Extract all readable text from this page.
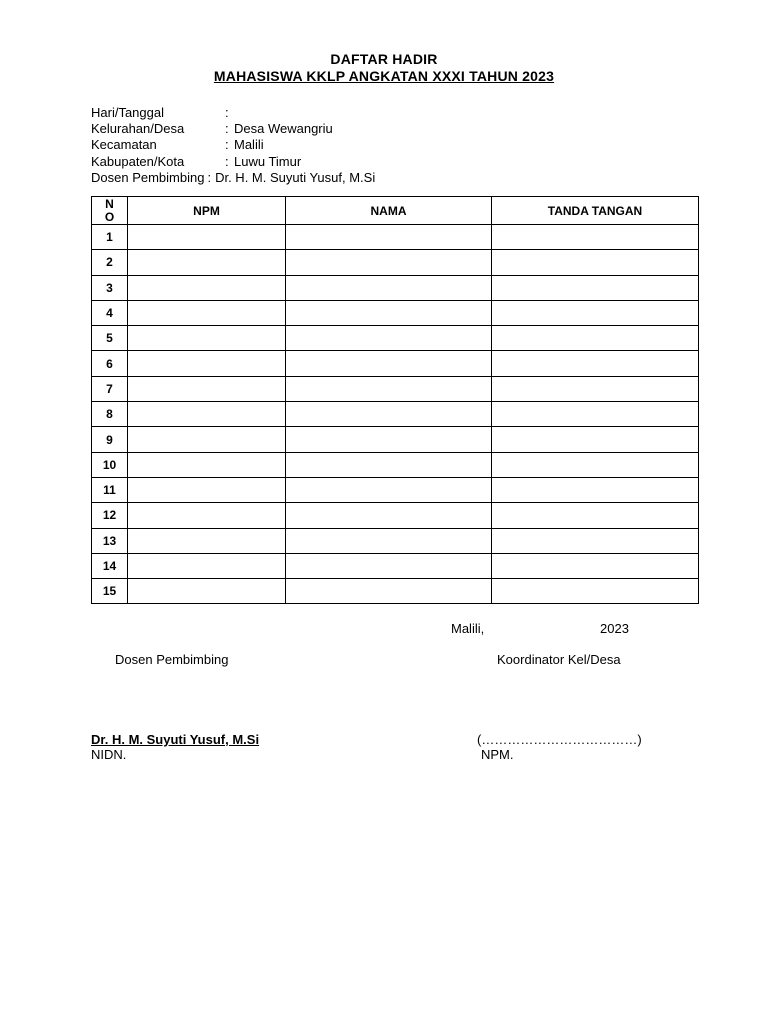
DAFTAR HADIR
MAHASISWA KKLP ANGKATAN XXXI TAHUN 2023
Hari/Tanggal	:
Kelurahan/Desa	: Desa Wewangriu
Kecamatan	: Malili
Kabupaten/Kota	: Luwu Timur
Dosen Pembimbing : Dr. H. M. Suyuti Yusuf, M.Si
N
O	NPM	NAMA	TANDA TANGAN
1			
2			
3			
4			
5			
6			
7			
8			
9			
10			
11			
12			
13			
14			
15			
Malili,	2023
Dosen Pembimbing	Koordinator Kel/Desa
Dr. H. M. Suyuti Yusuf, M.Si	(………………………………)
NIDN.	NPM.
